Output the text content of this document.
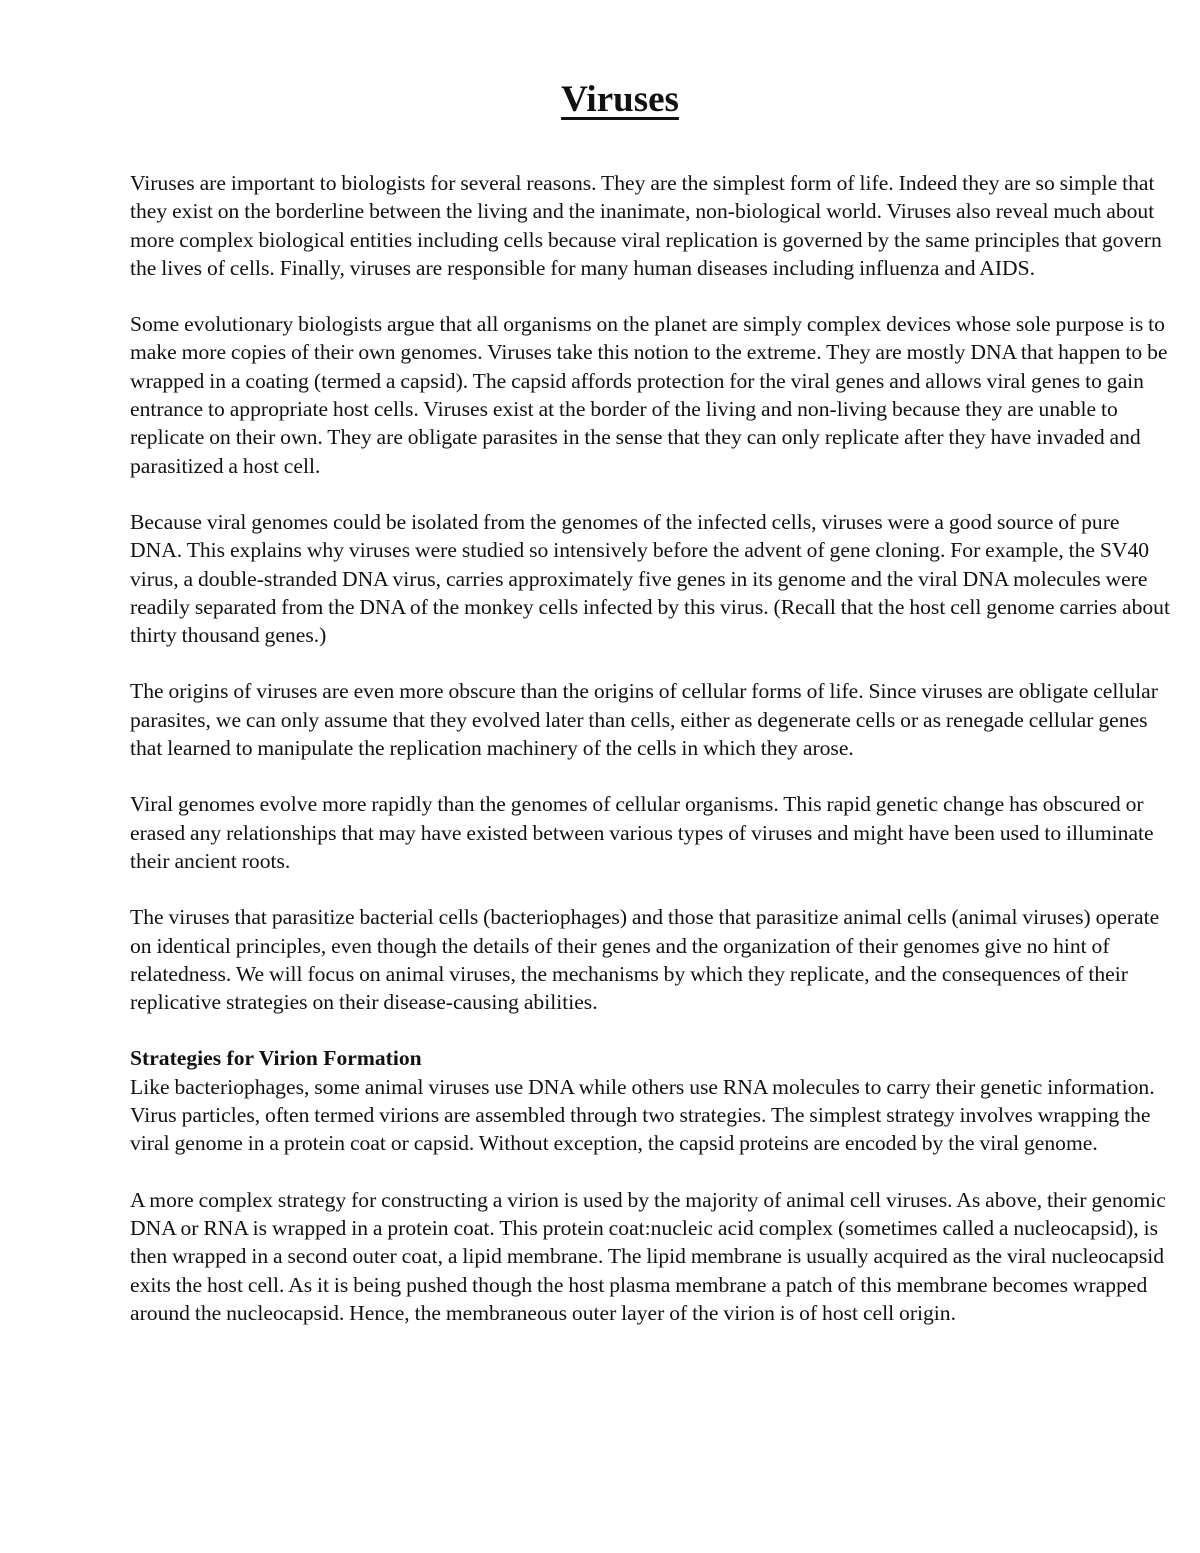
Viruses

Viruses are important to biologists for several reasons. They are the simplest form of life. Indeed they are so simple that they exist on the borderline between the living and the inanimate, non-biological world. Viruses also reveal much about more complex biological entities including cells because viral replication is governed by the same principles that govern the lives of cells. Finally, viruses are responsible for many human diseases including influenza and AIDS.

Some evolutionary biologists argue that all organisms on the planet are simply complex devices whose sole purpose is to make more copies of their own genomes. Viruses take this notion to the extreme. They are mostly DNA that happen to be wrapped in a coating (termed a capsid). The capsid affords protection for the viral genes and allows viral genes to gain entrance to appropriate host cells. Viruses exist at the border of the living and non-living because they are unable to replicate on their own. They are obligate parasites in the sense that they can only replicate after they have invaded and parasitized a host cell.

Because viral genomes could be isolated from the genomes of the infected cells, viruses were a good source of pure DNA. This explains why viruses were studied so intensively before the advent of gene cloning. For example, the SV40 virus, a double-stranded DNA virus, carries approximately five genes in its genome and the viral DNA molecules were readily separated from the DNA of the monkey cells infected by this virus. (Recall that the host cell genome carries about thirty thousand genes.)

The origins of viruses are even more obscure than the origins of cellular forms of life. Since viruses are obligate cellular parasites, we can only assume that they evolved later than cells, either as degenerate cells or as renegade cellular genes that learned to manipulate the replication machinery of the cells in which they arose.

Viral genomes evolve more rapidly than the genomes of cellular organisms. This rapid genetic change has obscured or erased any relationships that may have existed between various types of viruses and might have been used to illuminate their ancient roots.

The viruses that parasitize bacterial cells (bacteriophages) and those that parasitize animal cells (animal viruses) operate on identical principles, even though the details of their genes and the organization of their genomes give no hint of relatedness. We will focus on animal viruses, the mechanisms by which they replicate, and the consequences of their replicative strategies on their disease-causing abilities.

Strategies for Virion Formation

Like bacteriophages, some animal viruses use DNA while others use RNA molecules to carry their genetic information. Virus particles, often termed virions are assembled through two strategies. The simplest strategy involves wrapping the viral genome in a protein coat or capsid. Without exception, the capsid proteins are encoded by the viral genome.

A more complex strategy for constructing a virion is used by the majority of animal cell viruses. As above, their genomic DNA or RNA is wrapped in a protein coat. This protein coat:nucleic acid complex (sometimes called a nucleocapsid), is then wrapped in a second outer coat, a lipid membrane. The lipid membrane is usually acquired as the viral nucleocapsid exits the host cell. As it is being pushed though the host plasma membrane a patch of this membrane becomes wrapped around the nucleocapsid. Hence, the membraneous outer layer of the virion is of host cell origin.
